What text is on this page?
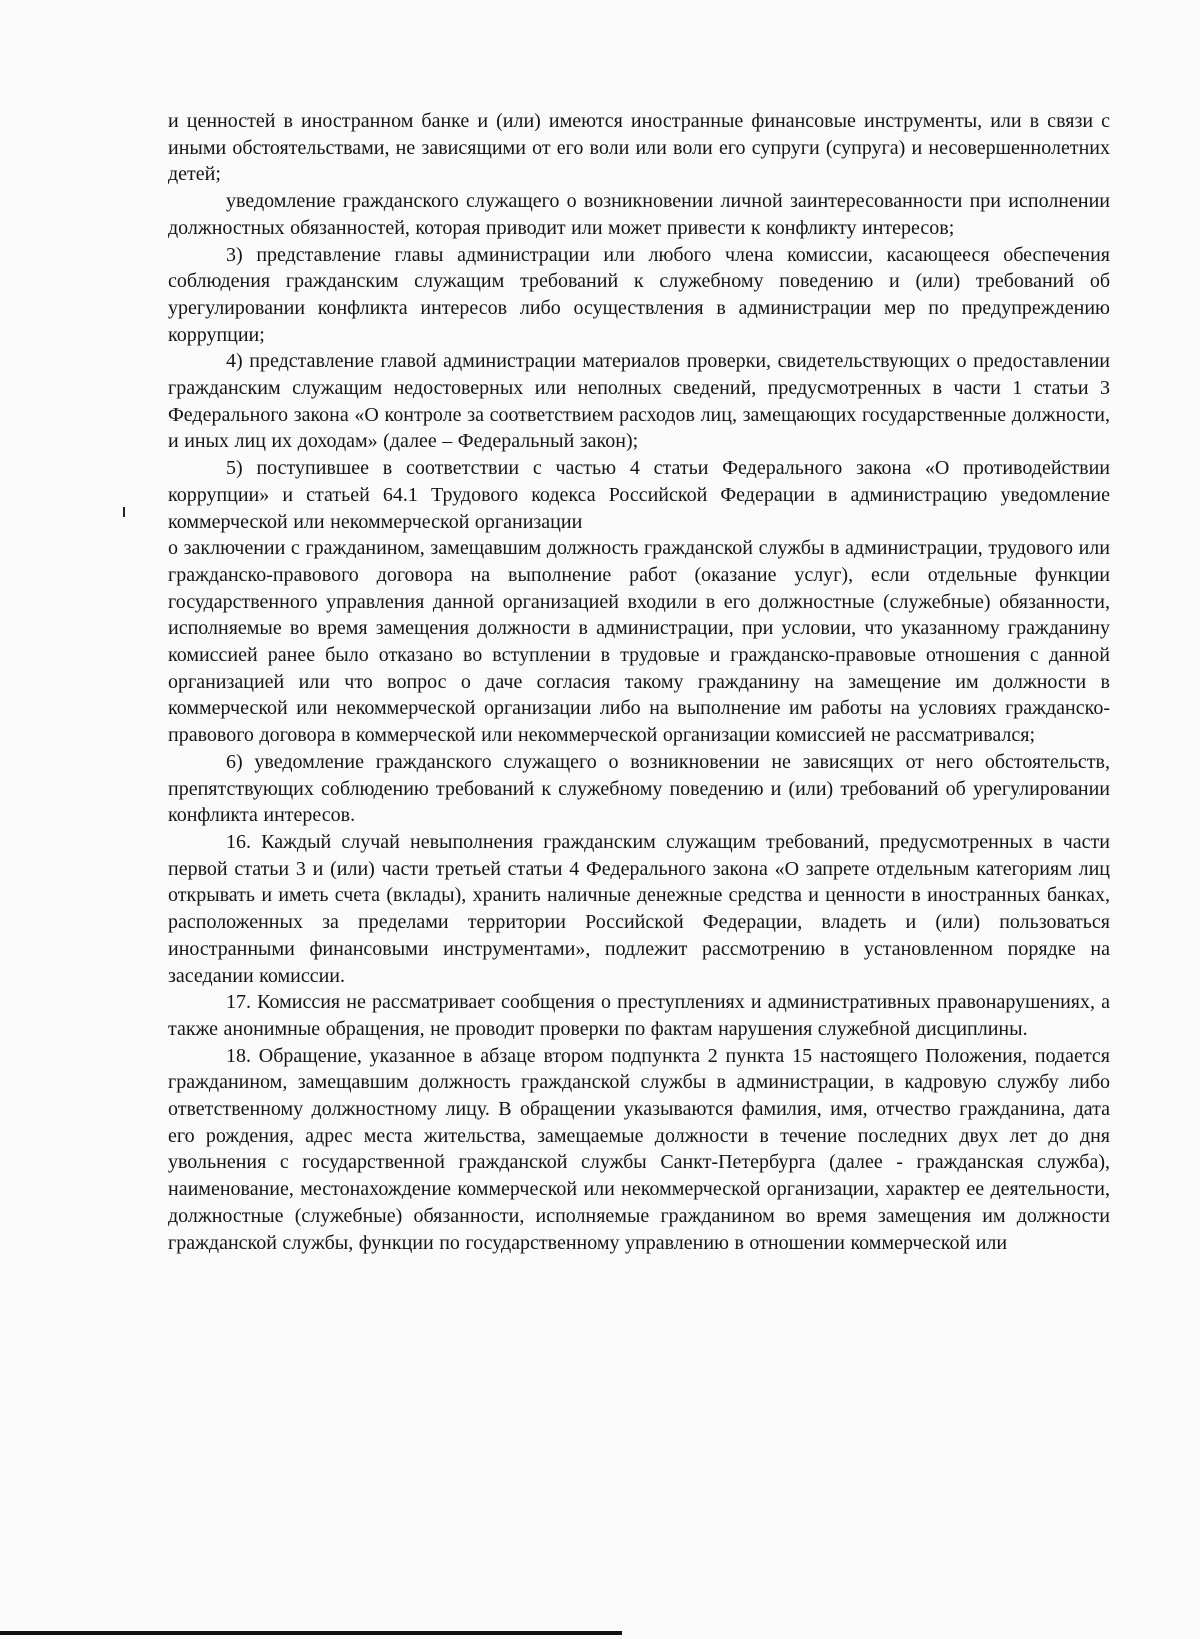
и ценностей в иностранном банке и (или) имеются иностранные финансовые инструменты, или в связи с иными обстоятельствами, не зависящими от его воли или воли его супруги (супруга) и несовершеннолетних детей;

уведомление гражданского служащего о возникновении личной заинтересованности при исполнении должностных обязанностей, которая приводит или может привести к конфликту интересов;

3) представление главы администрации или любого члена комиссии, касающееся обеспечения соблюдения гражданским служащим требований к служебному поведению и (или) требований об урегулировании конфликта интересов либо осуществления в администрации мер по предупреждению коррупции;

4) представление главой администрации материалов проверки, свидетельствующих о предоставлении гражданским служащим недостоверных или неполных сведений, предусмотренных в части 1 статьи 3 Федерального закона «О контроле за соответствием расходов лиц, замещающих государственные должности, и иных лиц их доходам» (далее – Федеральный закон);

5) поступившее в соответствии с частью 4 статьи Федерального закона «О противодействии коррупции» и статьей 64.1 Трудового кодекса Российской Федерации в администрацию уведомление коммерческой или некоммерческой организации

о заключении с гражданином, замещавшим должность гражданской службы в администрации, трудового или гражданско-правового договора на выполнение работ (оказание услуг), если отдельные функции государственного управления данной организацией входили в его должностные (служебные) обязанности, исполняемые во время замещения должности в администрации, при условии, что указанному гражданину комиссией ранее было отказано во вступлении в трудовые и гражданско-правовые отношения с данной организацией или что вопрос о даче согласия такому гражданину на замещение им должности в коммерческой или некоммерческой организации либо на выполнение им работы на условиях гражданско-правового договора в коммерческой или некоммерческой организации комиссией не рассматривался;

6) уведомление гражданского служащего о возникновении не зависящих от него обстоятельств, препятствующих соблюдению требований к служебному поведению и (или) требований об урегулировании конфликта интересов.

16. Каждый случай невыполнения гражданским служащим требований, предусмотренных в части первой статьи 3 и (или) части третьей статьи 4 Федерального закона «О запрете отдельным категориям лиц открывать и иметь счета (вклады), хранить наличные денежные средства и ценности в иностранных банках, расположенных за пределами территории Российской Федерации, владеть и (или) пользоваться иностранными финансовыми инструментами», подлежит рассмотрению в установленном порядке на заседании комиссии.

17. Комиссия не рассматривает сообщения о преступлениях и административных правонарушениях, а также анонимные обращения, не проводит проверки по фактам нарушения служебной дисциплины.

18. Обращение, указанное в абзаце втором подпункта 2 пункта 15 настоящего Положения, подается гражданином, замещавшим должность гражданской службы в администрации, в кадровую службу либо ответственному должностному лицу. В обращении указываются фамилия, имя, отчество гражданина, дата его рождения, адрес места жительства, замещаемые должности в течение последних двух лет до дня увольнения с государственной гражданской службы Санкт-Петербурга (далее - гражданская служба), наименование, местонахождение коммерческой или некоммерческой организации, характер ее деятельности, должностные (служебные) обязанности, исполняемые гражданином во время замещения им должности гражданской службы, функции по государственному управлению в отношении коммерческой или
